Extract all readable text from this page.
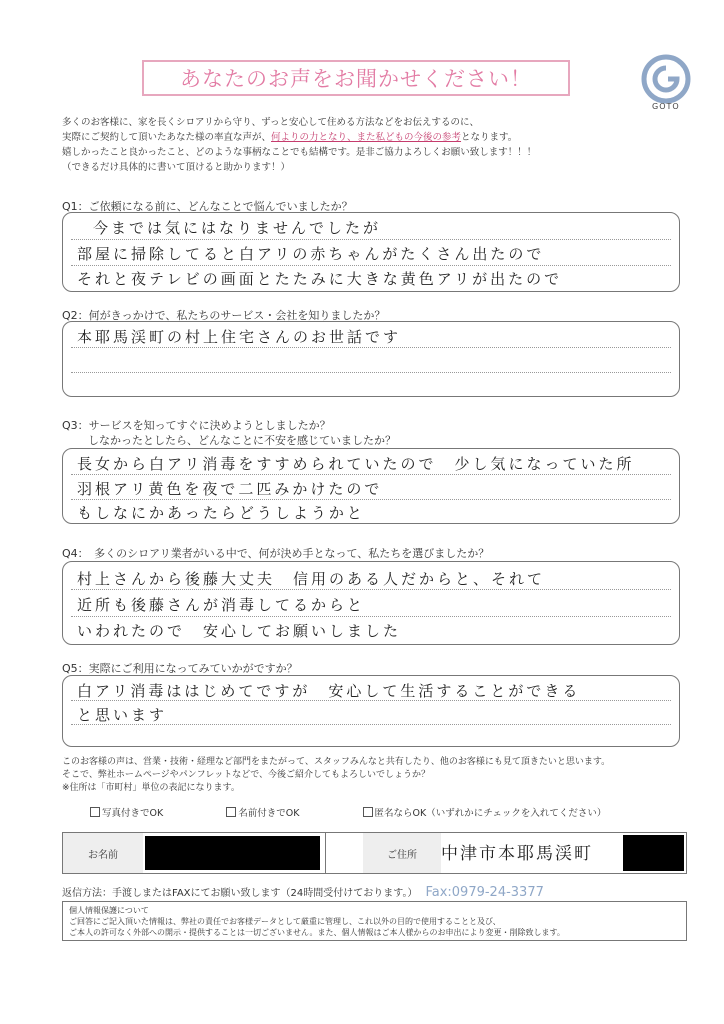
あなたのお声をお聞かせください！
GOTO
多くのお客様に、家を長くシロアリから守り、ずっと安心して住める方法などをお伝えするのに、
実際にご契約して頂いたあなた様の率直な声が、何よりの力となり、また私どもの今後の参考となります。
嬉しかったこと良かったこと、どのような事柄なことでも結構です。是非ご協力よろしくお願い致します！！！
（できるだけ具体的に書いて頂けると助かります！）
Q1：ご依頼になる前に、どんなことで悩んでいましたか？
今までは気にはなりませんでしたが
部屋に掃除してると白アリの赤ちゃんがたくさん出たので
それと夜テレビの画面とたたみに大きな黄色アリが出たので
Q2：何がきっかけで、私たちのサービス・会社を知りましたか？
本耶馬渓町の村上住宅さんのお世話です
Q3：サービスを知ってすぐに決めようとしましたか？
しなかったとしたら、どんなことに不安を感じていましたか？
長女から白アリ消毒をすすめられていたので　少し気になっていた所
羽根アリ黄色を夜で二匹みかけたので
もしなにかあったらどうしようかと
Q4：　多くのシロアリ業者がいる中で、何が決め手となって、私たちを選びましたか？
村上さんから後藤大丈夫　信用のある人だからと、それて
近所も後藤さんが消毒してるからと
いわれたので　安心してお願いしました
Q5：実際にご利用になってみていかがですか？
白アリ消毒ははじめてですが　安心して生活することができる
と思います
このお客様の声は、営業・技術・経理など部門をまたがって、スタッフみんなと共有したり、他のお客様にも見て頂きたいと思います。
そこで、弊社ホームページやパンフレットなどで、今後ご紹介してもよろしいでしょうか？
※住所は「市町村」単位の表記になります。
写真付きでOK	名前付きでOK	匿名ならOK（いずれかにチェックを入れてください）
お名前	ご住所	中津市本耶馬渓町
返信方法：手渡しまたはFAXにてお願い致します（24時間受付けております。） Fax:0979-24-3377
個人情報保護について
ご回答にご記入頂いた情報は、弊社の責任でお客様データとして厳重に管理し、これ以外の目的で使用することと及び、
ご本人の許可なく外部への開示・提供することは一切ございません。また、個人情報はご本人様からのお申出により変更・削除致します。
